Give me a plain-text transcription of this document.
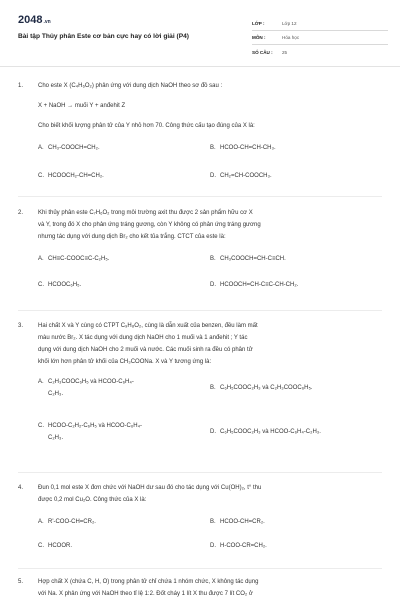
2048.vn
Bài tập Thủy phân Este cơ bản cực hay có lời giải (P4)
LỚP :	Lớp 12
MÔN :	Hóa học
SỐ CÂU :	25
1.	Cho este X (C₄H₆O₂) phản ứng với dung dịch NaOH theo sơ đồ sau :
X + NaOH → muối Y + anđehit Z
Cho biết khối lượng phân tử của Y nhỏ hơn 70. Công thức cấu tạo đúng của X là:
A. CH₃-COOCH=CH₂.	B. HCOO-CH=CH-CH₃.
C. HCOOCH₂-CH=CH₂.	D. CH₂=CH-COOCH₃.
2.	Khi thủy phân este C₇H₆O₂ trong môi trường axit thu được 2 sản phẩm hữu cơ X
và Y, trong đó X cho phản ứng tráng gương, còn Y không có phản ứng tráng gương
nhưng tác dụng với dung dịch Br₂ cho kết tủa trắng. CTCT của este là:
A. CH≡C-COOC≡C-C₂H₅.	B. CH₃COOCH=CH-C≡CH.
C. HCOOC₆H₅.	D. HCOOCH=CH-C≡C-CH-CH₂.
3.	Hai chất X và Y cùng có CTPT C₉H₈O₂, cùng là dẫn xuất của benzen, đều làm mất
màu nước Br₂. X tác dụng với dung dịch NaOH cho 1 muối và 1 anđehit ; Y tác
dụng với dung dịch NaOH cho 2 muối và nước. Các muối sinh ra đều có phân tử
khối lớn hơn phân tử khối của CH₃COONa. X và Y tương ứng là:
A. C₂H₃COOC₆H₅ và HCOO-C₆H₄-
C₂H₃.
B. C₆H₅COOC₂H₃ và C₂H₃COOC₆H₅.
C. HCOO-C₂H₂-C₆H₅ và HCOO-C₆H₄-
C₂H₃.
D. C₆H₅COOC₂H₃ và HCOO-C₆H₄-C₂H₃.
4.	Đun 0,1 mol este X đơn chức với NaOH dư sau đó cho tác dụng với Cu(OH)₂, t° thu
được 0,2 mol Cu₂O. Công thức của X là:
A. R'-COO-CH=CR₂.	B. HCOO-CH=CR₂.
C. HCOOR.	D. H-COO-CR=CH₂.
5.	Hợp chất X (chứa C, H, O) trong phân tử chỉ chứa 1 nhóm chức, X không tác dụng
với Na. X phản ứng với NaOH theo tỉ lệ 1:2. Đốt cháy 1 lít X thu được 7 lít CO₂ ở
